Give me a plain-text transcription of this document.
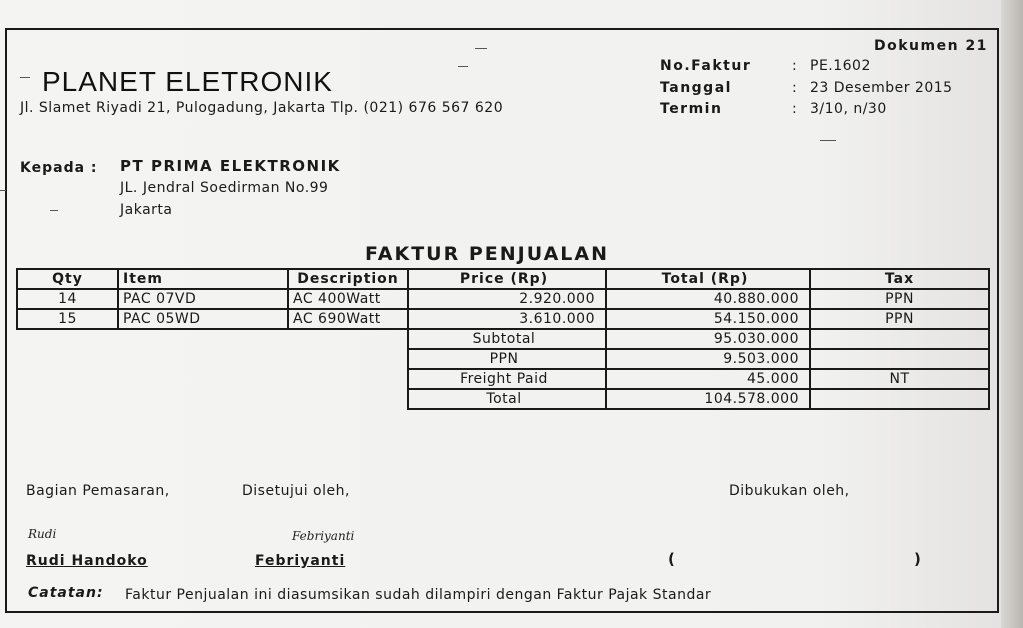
PLANET ELETRONIK
Jl. Slamet Riyadi 21, Pulogadung, Jakarta Tlp. (021) 676 567 620
Dokumen 21
No.Faktur	: PE.1602
Tanggal	: 23 Desember 2015
Termin	: 3/10, n/30
Kepada : PT PRIMA ELEKTRONIK
JL. Jendral Soedirman No.99
Jakarta
FAKTUR PENJUALAN
Qty	Item	Description	Price (Rp)	Total (Rp)	Tax
14	PAC 07VD	AC 400Watt	2.920.000	40.880.000	PPN
15	PAC 05WD	AC 690Watt	3.610.000	54.150.000	PPN
			Subtotal	95.030.000	
			PPN	9.503.000	
			Freight Paid	45.000	NT
			Total	104.578.000	
Bagian Pemasaran,	Disetujui oleh,	Dibukukan oleh,
Rudi	Febriyanti
Rudi Handoko	Febriyanti	(	)
Catatan: Faktur Penjualan ini diasumsikan sudah dilampiri dengan Faktur Pajak Standar
